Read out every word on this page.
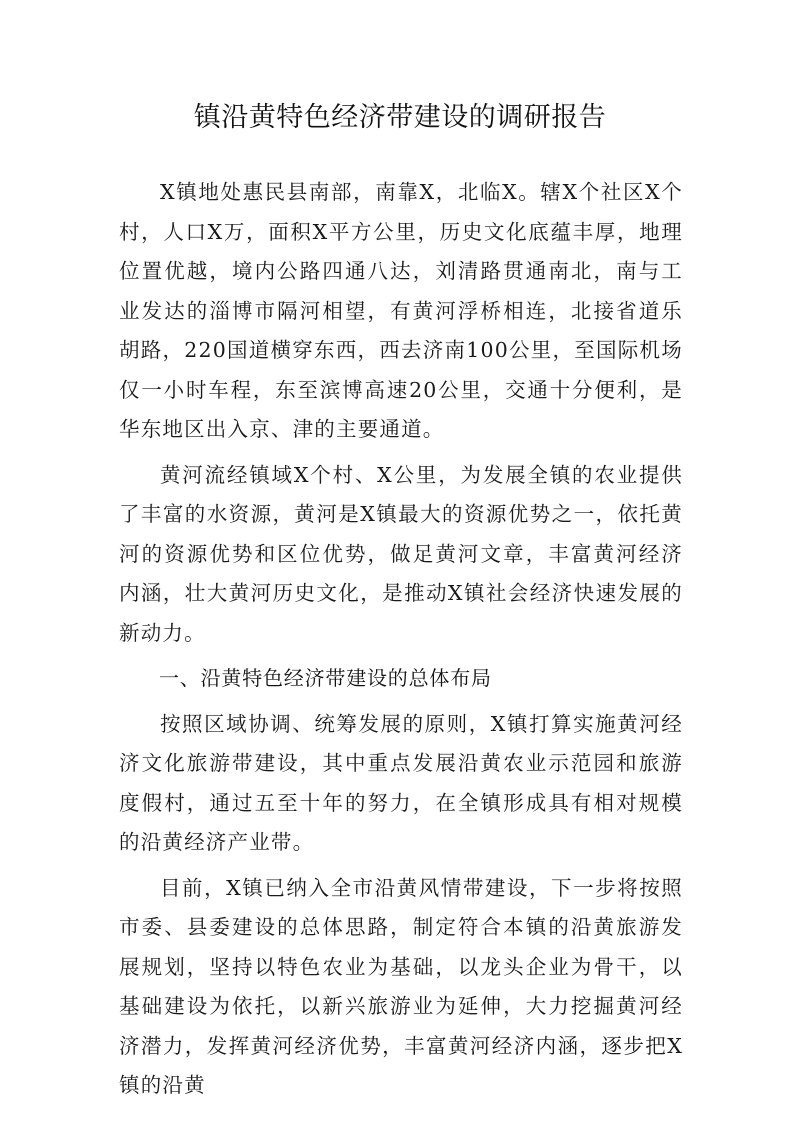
镇沿黄特色经济带建设的调研报告

X镇地处惠民县南部，南靠X，北临X。辖X个社区X个村，人口X万，面积X平方公里，历史文化底蕴丰厚，地理位置优越，境内公路四通八达，刘清路贯通南北，南与工业发达的淄博市隔河相望，有黄河浮桥相连，北接省道乐胡路，220国道横穿东西，西去济南100公里，至国际机场仅一小时车程，东至滨博高速20公里，交通十分便利，是华东地区出入京、津的主要通道。

黄河流经镇域X个村、X公里，为发展全镇的农业提供了丰富的水资源，黄河是X镇最大的资源优势之一，依托黄河的资源优势和区位优势，做足黄河文章，丰富黄河经济内涵，壮大黄河历史文化，是推动X镇社会经济快速发展的新动力。

一、沿黄特色经济带建设的总体布局

按照区域协调、统筹发展的原则，X镇打算实施黄河经济文化旅游带建设，其中重点发展沿黄农业示范园和旅游度假村，通过五至十年的努力，在全镇形成具有相对规模的沿黄经济产业带。

目前，X镇已纳入全市沿黄风情带建设，下一步将按照市委、县委建设的总体思路，制定符合本镇的沿黄旅游发展规划，坚持以特色农业为基础，以龙头企业为骨干，以基础建设为依托，以新兴旅游业为延伸，大力挖掘黄河经济潜力，发挥黄河经济优势，丰富黄河经济内涵，逐步把X镇的沿黄
